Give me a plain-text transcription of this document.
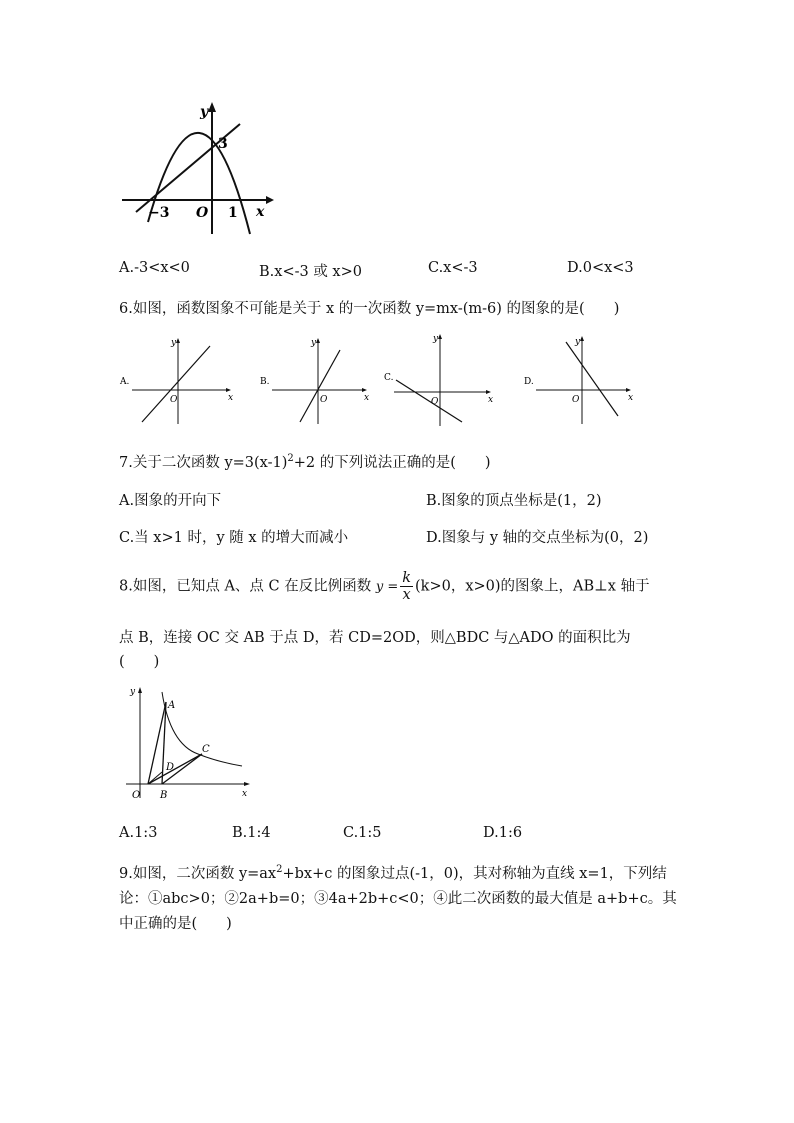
y
x
3
−3 O 1
A.-3<x<0	B.x<-3 或 x>0	C.x<-3	D.0<x<3
6.如图，函数图象不可能是关于 x 的一次函数 y=mx-(m-6) 的图象的是(　　)
A.
y
x
O
B.
y
x
O
C.
y
x
O
D.
y
x
O
7.关于二次函数 $y=3(x-1)^2+2$ 的下列说法正确的是(　　)
A.图象的开向下	B.图象的顶点坐标是(1，2)
C.当 x>1 时，y 随 x 的增大而减小	D.图象与 y 轴的交点坐标为(0，2)
8.如图，已知点 A、点 C 在反比例函数 $y = \frac{k}{x} (k>0$，x>0)的图象上，AB⊥x 轴于
点 B，连接 OC 交 AB 于点 D，若 CD=2OD，则△BDC 与△ADO 的面积比为
(　　)
y
x
O
A
B
C
D
A.1:3	B.1:4	C.1:5	D.1:6
9.如图，二次函数 $y=ax^2+bx+c$ 的图象过点(-1，0)，其对称轴为直线 x=1，下列结
论：①abc>0；②2a+b=0；③4a+2b+c<0；④此二次函数的最大值是 a+b+c。其
中正确的是(　　)
